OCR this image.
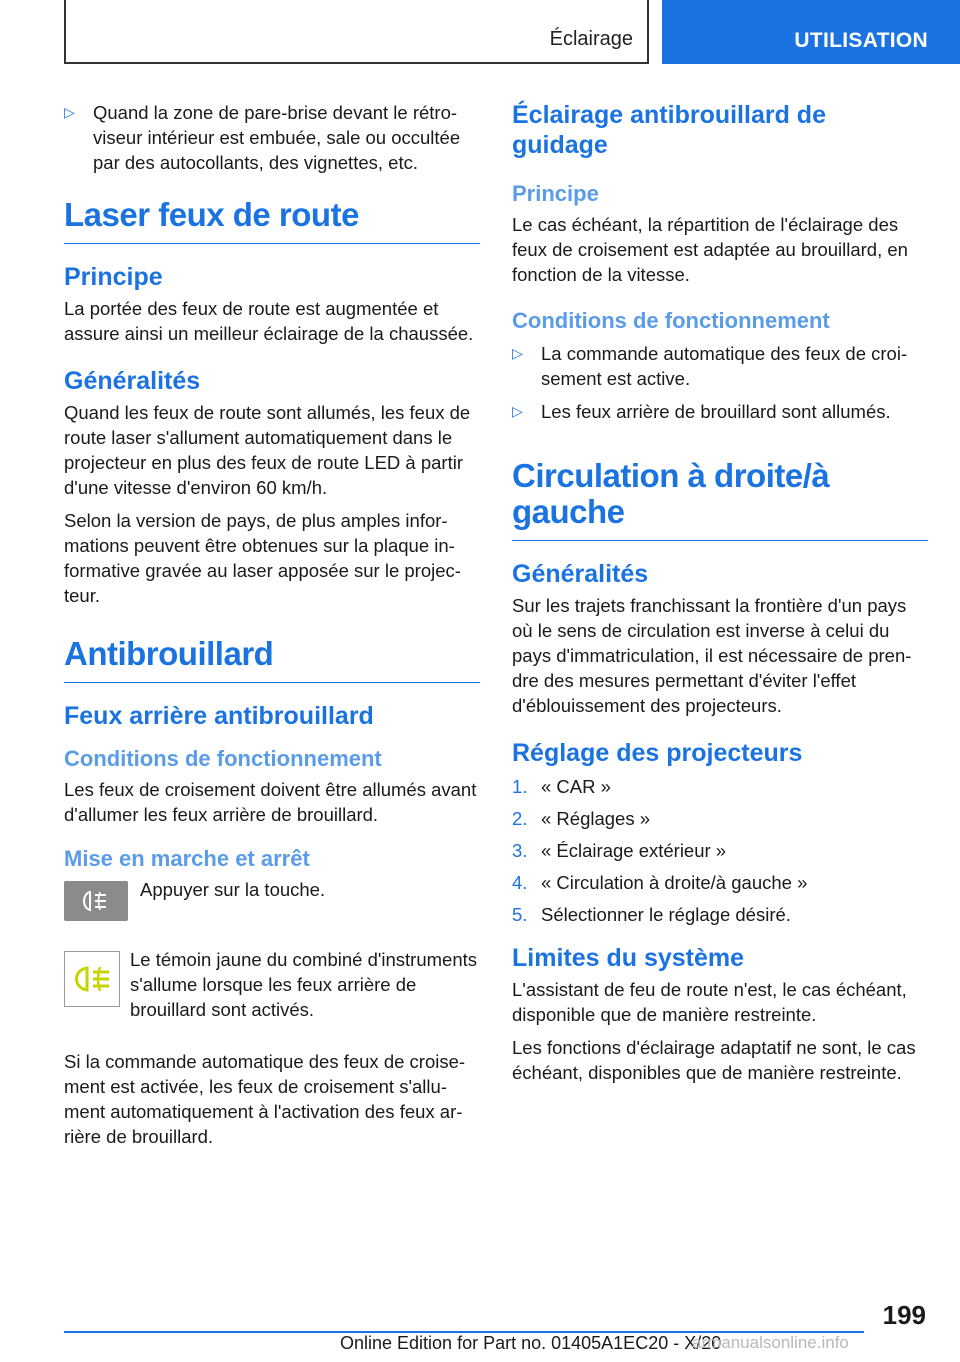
Éclairage	UTILISATION
▷ Quand la zone de pare-brise devant le rétroviseur intérieur est embuée, sale ou occultée par des autocollants, des vignettes, etc.
Laser feux de route
Principe

La portée des feux de route est augmentée et assure ainsi un meilleur éclairage de la chaussée.

Généralités

Quand les feux de route sont allumés, les feux de route laser s'allument automatiquement dans le projecteur en plus des feux de route LED à partir d'une vitesse d'environ 60 km/h.

Selon la version de pays, de plus amples informations peuvent être obtenues sur la plaque informative gravée au laser apposée sur le projecteur.

Antibrouillard
Feux arrière antibrouillard
Conditions de fonctionnement

Les feux de croisement doivent être allumés avant d'allumer les feux arrière de brouillard.

Mise en marche et arrêt

Appuyer sur la touche.

Le témoin jaune du combiné d'instruments s'allume lorsque les feux arrière de brouillard sont activés.

Si la commande automatique des feux de croisement est activée, les feux de croisement s'allument automatiquement à l'activation des feux arrière de brouillard.

Éclairage antibrouillard de guidage
Principe

Le cas échéant, la répartition de l'éclairage des feux de croisement est adaptée au brouillard, en fonction de la vitesse.

Conditions de fonctionnement
▷ La commande automatique des feux de croisement est active.
▷ Les feux arrière de brouillard sont allumés.
Circulation à droite/à gauche
Généralités

Sur les trajets franchissant la frontière d'un pays où le sens de circulation est inverse à celui du pays d'immatriculation, il est nécessaire de prendre des mesures permettant d'éviter l'effet d'éblouissement des projecteurs.

Réglage des projecteurs
1. « CAR »
2. « Réglages »
3. « Éclairage extérieur »
4. « Circulation à droite/à gauche »
5. Sélectionner le réglage désiré.
Limites du système

L'assistant de feu de route n'est, le cas échéant, disponible que de manière restreinte.

Les fonctions d'éclairage adaptatif ne sont, le cas échéant, disponibles que de manière restreinte.

199
Online Edition for Part no. 01405A1EC20 - X/20
armanualsonline.info
